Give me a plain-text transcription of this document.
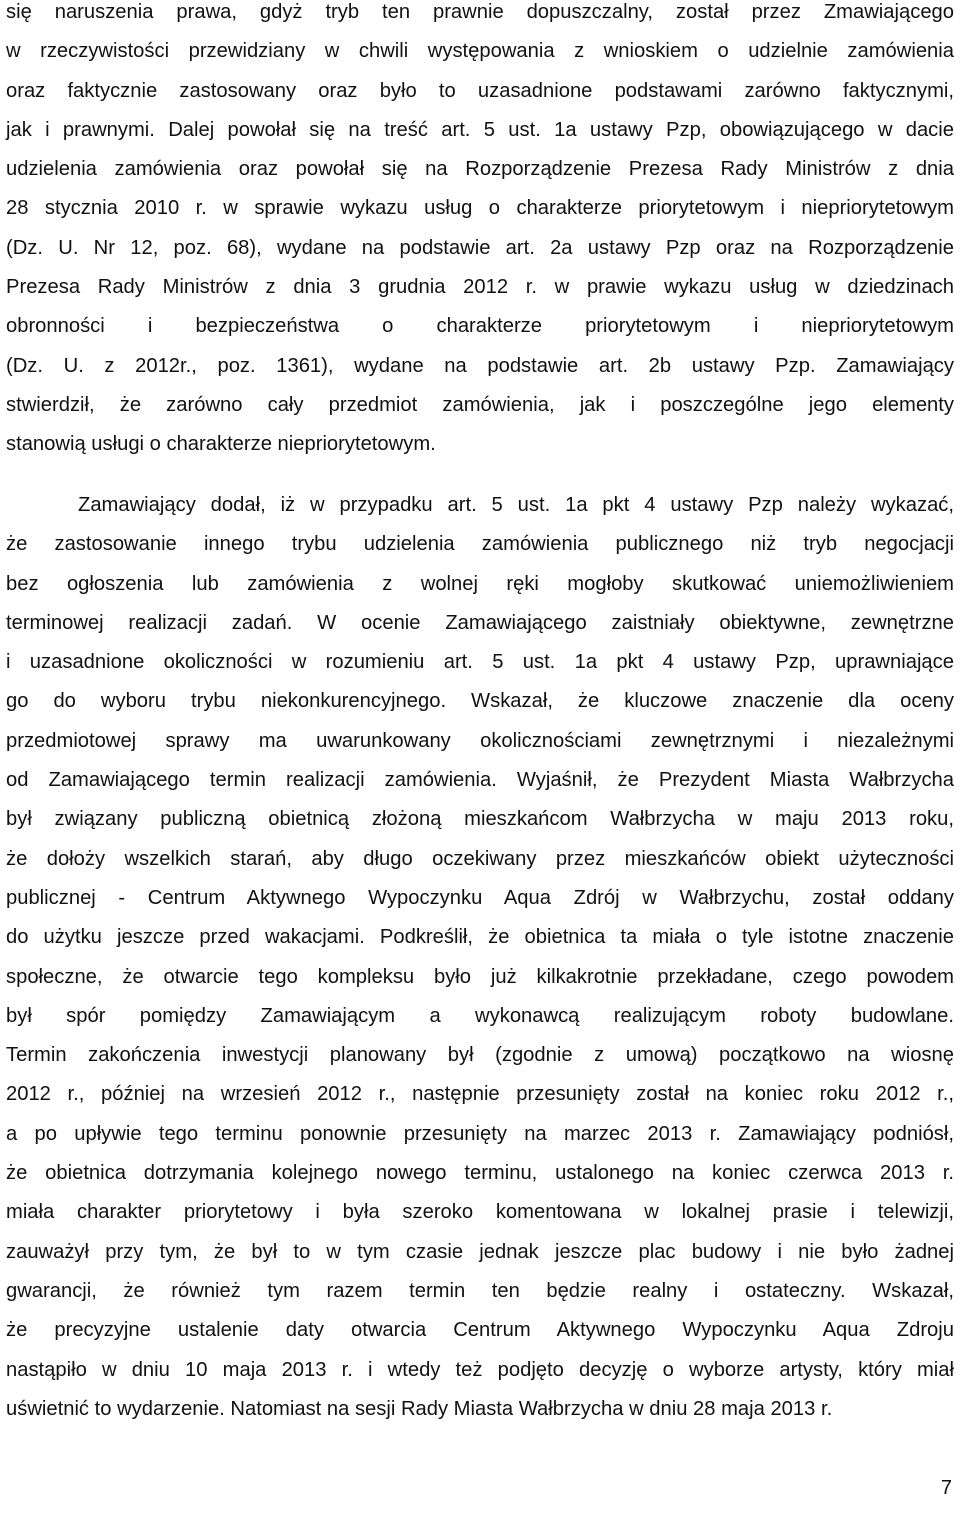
się naruszenia prawa, gdyż tryb ten prawnie dopuszczalny, został przez Zmawiającego
w rzeczywistości przewidziany w chwili występowania z wnioskiem o udzielnie zamówienia
oraz faktycznie zastosowany oraz było to uzasadnione podstawami zarówno faktycznymi,
jak i prawnymi. Dalej powołał się na treść art. 5 ust. 1a ustawy Pzp, obowiązującego w dacie
udzielenia zamówienia oraz powołał się na Rozporządzenie Prezesa Rady Ministrów z dnia
28 stycznia 2010 r. w sprawie wykazu usług o charakterze priorytetowym i niepriorytetowym
(Dz. U. Nr 12, poz. 68), wydane na podstawie art. 2a ustawy Pzp oraz na Rozporządzenie
Prezesa Rady Ministrów z dnia 3 grudnia 2012 r. w prawie wykazu usług w dziedzinach
obronności i bezpieczeństwa o charakterze priorytetowym i niepriorytetowym
(Dz. U. z 2012r., poz. 1361), wydane na podstawie art. 2b ustawy Pzp. Zamawiający
stwierdził, że zarówno cały przedmiot zamówienia, jak i poszczególne jego elementy
stanowią usługi o charakterze niepriorytetowym.
Zamawiający dodał, iż w przypadku art. 5 ust. 1a pkt 4 ustawy Pzp należy wykazać,
że zastosowanie innego trybu udzielenia zamówienia publicznego niż tryb negocjacji
bez ogłoszenia lub zamówienia z wolnej ręki mogłoby skutkować uniemożliwieniem
terminowej realizacji zadań. W ocenie Zamawiającego zaistniały obiektywne, zewnętrzne
i uzasadnione okoliczności w rozumieniu art. 5 ust. 1a pkt 4 ustawy Pzp, uprawniające
go do wyboru trybu niekonkurencyjnego. Wskazał, że kluczowe znaczenie dla oceny
przedmiotowej sprawy ma uwarunkowany okolicznościami zewnętrznymi i niezależnymi
od Zamawiającego termin realizacji zamówienia. Wyjaśnił, że Prezydent Miasta Wałbrzycha
był związany publiczną obietnicą złożoną mieszkańcom Wałbrzycha w maju 2013 roku,
że dołoży wszelkich starań, aby długo oczekiwany przez mieszkańców obiekt użyteczności
publicznej - Centrum Aktywnego Wypoczynku Aqua Zdrój w Wałbrzychu, został oddany
do użytku jeszcze przed wakacjami. Podkreślił, że obietnica ta miała o tyle istotne znaczenie
społeczne, że otwarcie tego kompleksu było już kilkakrotnie przekładane, czego powodem
był spór pomiędzy Zamawiającym a wykonawcą realizującym roboty budowlane.
Termin zakończenia inwestycji planowany był (zgodnie z umową) początkowo na wiosnę
2012 r., później na wrzesień 2012 r., następnie przesunięty został na koniec roku 2012 r.,
a po upływie tego terminu ponownie przesunięty na marzec 2013 r. Zamawiający podniósł,
że obietnica dotrzymania kolejnego nowego terminu, ustalonego na koniec czerwca 2013 r.
miała charakter priorytetowy i była szeroko komentowana w lokalnej prasie i telewizji,
zauważył przy tym, że był to w tym czasie jednak jeszcze plac budowy i nie było żadnej
gwarancji, że również tym razem termin ten będzie realny i ostateczny. Wskazał,
że precyzyjne ustalenie daty otwarcia Centrum Aktywnego Wypoczynku Aqua Zdroju
nastąpiło w dniu 10 maja 2013 r. i wtedy też podjęto decyzję o wyborze artysty, który miał
uświetnić to wydarzenie. Natomiast na sesji Rady Miasta Wałbrzycha w dniu 28 maja 2013 r.
7
